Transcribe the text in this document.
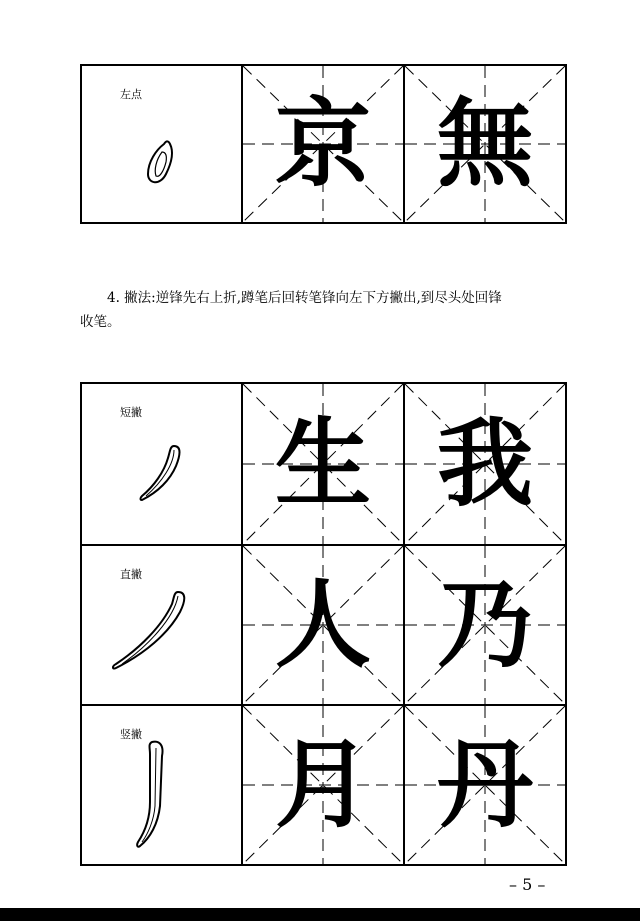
左点	京 無
4. 撇法:逆锋先右上折,蹲笔后回转笔锋向左下方撇出,到尽头处回锋
收笔。
短撇	生 我
直撇	人 乃
竖撇	月 丹
– 5 –
